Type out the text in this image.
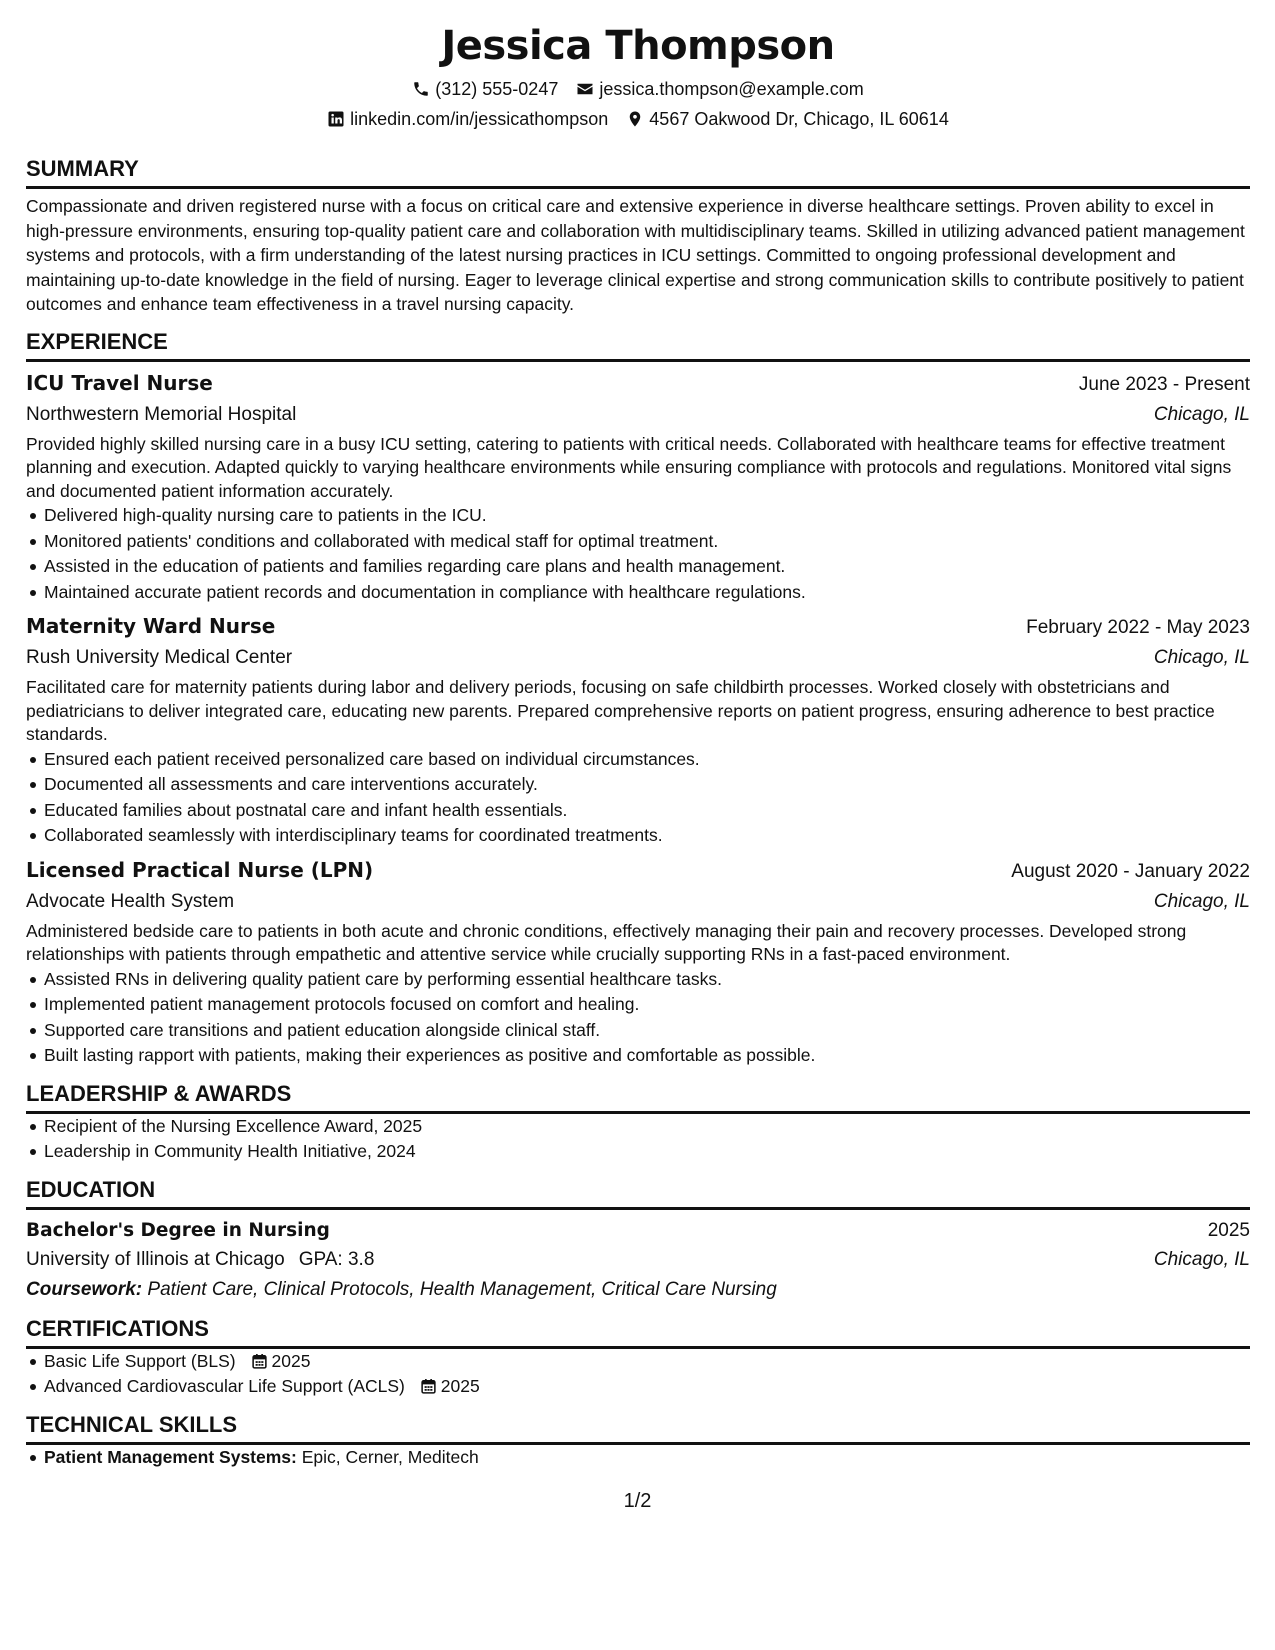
Jessica Thompson
(312) 555-0247 jessica.thompson@example.com
linkedin.com/in/jessicathompson 4567 Oakwood Dr, Chicago, IL 60614
SUMMARY

Compassionate and driven registered nurse with a focus on critical care and extensive experience in diverse healthcare settings. Proven ability to excel in high-pressure environments, ensuring top-quality patient care and collaboration with multidisciplinary teams. Skilled in utilizing advanced patient management systems and protocols, with a firm understanding of the latest nursing practices in ICU settings. Committed to ongoing professional development and maintaining up-to-date knowledge in the field of nursing. Eager to leverage clinical expertise and strong communication skills to contribute positively to patient outcomes and enhance team effectiveness in a travel nursing capacity.

EXPERIENCE
ICU Travel Nurse	June 2023 - Present
Northwestern Memorial Hospital	Chicago, IL

Provided highly skilled nursing care in a busy ICU setting, catering to patients with critical needs. Collaborated with healthcare teams for effective treatment planning and execution. Adapted quickly to varying healthcare environments while ensuring compliance with protocols and regulations. Monitored vital signs and documented patient information accurately.

Delivered high-quality nursing care to patients in the ICU.
Monitored patients' conditions and collaborated with medical staff for optimal treatment.
Assisted in the education of patients and families regarding care plans and health management.
Maintained accurate patient records and documentation in compliance with healthcare regulations.
Maternity Ward Nurse	February 2022 - May 2023
Rush University Medical Center	Chicago, IL

Facilitated care for maternity patients during labor and delivery periods, focusing on safe childbirth processes. Worked closely with obstetricians and pediatricians to deliver integrated care, educating new parents. Prepared comprehensive reports on patient progress, ensuring adherence to best practice standards.

Ensured each patient received personalized care based on individual circumstances.
Documented all assessments and care interventions accurately.
Educated families about postnatal care and infant health essentials.
Collaborated seamlessly with interdisciplinary teams for coordinated treatments.
Licensed Practical Nurse (LPN)	August 2020 - January 2022
Advocate Health System	Chicago, IL

Administered bedside care to patients in both acute and chronic conditions, effectively managing their pain and recovery processes. Developed strong relationships with patients through empathetic and attentive service while crucially supporting RNs in a fast-paced environment.

Assisted RNs in delivering quality patient care by performing essential healthcare tasks.
Implemented patient management protocols focused on comfort and healing.
Supported care transitions and patient education alongside clinical staff.
Built lasting rapport with patients, making their experiences as positive and comfortable as possible.
LEADERSHIP & AWARDS
Recipient of the Nursing Excellence Award, 2025
Leadership in Community Health Initiative, 2024
EDUCATION
Bachelor's Degree in Nursing	2025
University of Illinois at Chicago GPA: 3.8	Chicago, IL
Coursework: Patient Care, Clinical Protocols, Health Management, Critical Care Nursing
CERTIFICATIONS
Basic Life Support (BLS) 2025
Advanced Cardiovascular Life Support (ACLS) 2025
TECHNICAL SKILLS
Patient Management Systems: Epic, Cerner, Meditech
1/2
